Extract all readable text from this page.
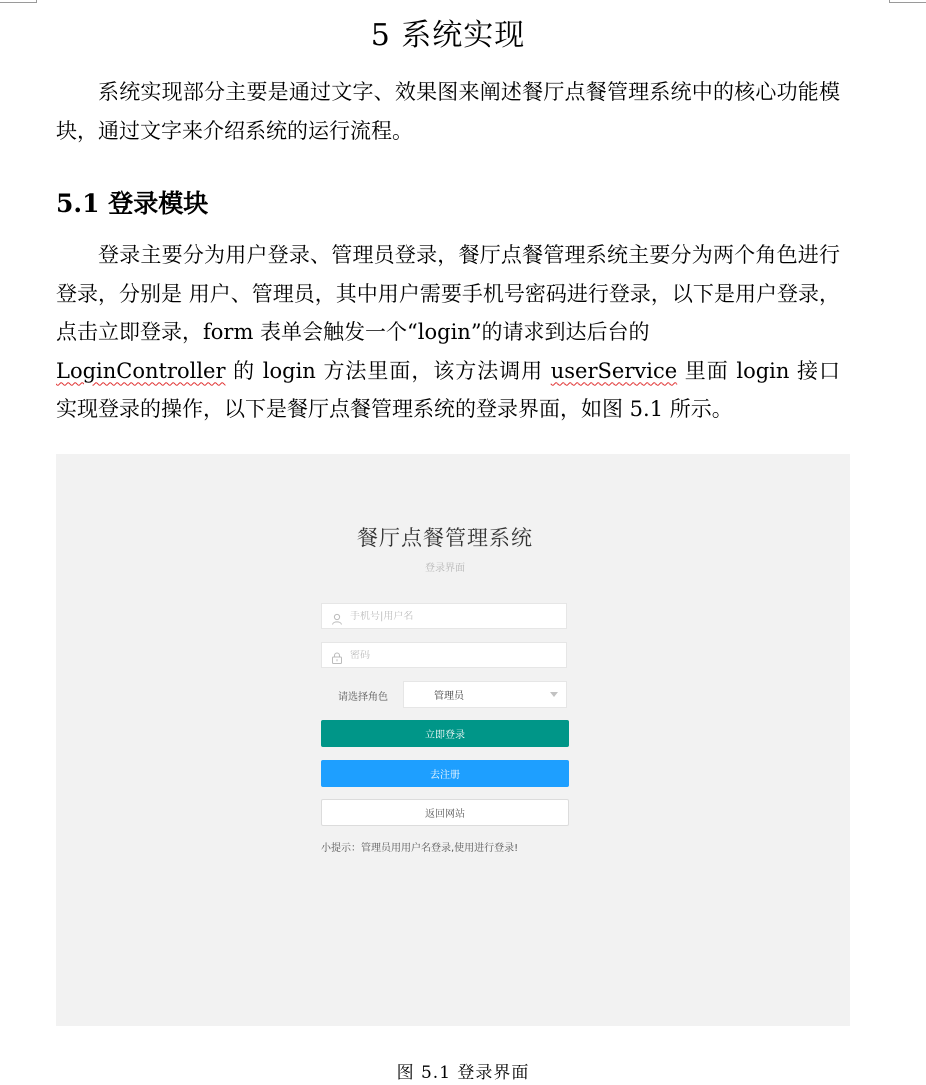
5 系统实现

系统实现部分主要是通过文字、效果图来阐述餐厅点餐管理系统中的核心功能模块，通过文字来介绍系统的运行流程。

5.1 登录模块

登录主要分为用户登录、管理员登录，餐厅点餐管理系统主要分为两个角色进行登录，分别是 用户、管理员，其中用户需要手机号密码进行登录，以下是用户登录，点击立即登录，form 表单会触发一个“login”的请求到达后台的
LoginController 的 login 方法里面，该方法调用 userService 里面 login 接口实现登录的操作，以下是餐厅点餐管理系统的登录界面，如图 5.1 所示。

餐厅点餐管理系统
登录界面
手机号|用户名
请选择角色	管理员
立即登录
去注册
返回网站
小提示：管理员用用户名登录,使用进行登录!
图 5.1 登录界面
